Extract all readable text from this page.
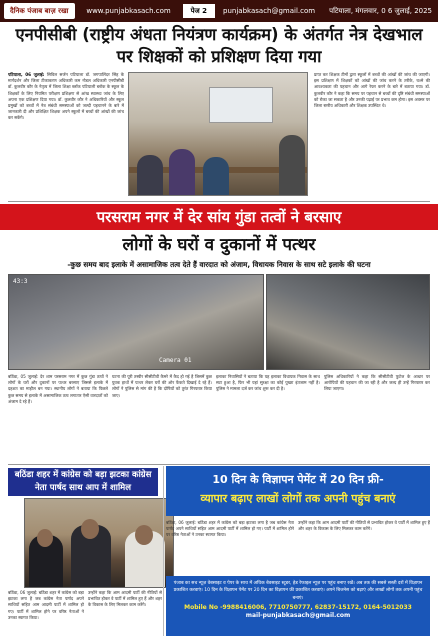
दैनिक पंजाब बाज़ रखा	www.punjabkasach.com	पेज 2	punjabkasach@gmail.com	पटियाला, मंगलवार, 0 6 जुलाई, 2025
एनपीसीबी (राष्ट्रीय अंधता नियंत्रण कार्यक्रम) के अंतर्गत नेत्र देखभाल पर शिक्षकों को प्रशिक्षण दिया गया
पटियाला, 06 जुलाई: सिविल सर्जन पटियाला डॉ. जगपालिंदर सिंह के मार्गदर्शन और जिला टीकाकरण अधिकारी कम नोडल अधिकारी एनपीसीबी डॉ. कुलवीर कौर के नेतृत्व में जिला शिक्षा ब्लॉक पटियाली ब्लॉक के स्कूल के शिक्षकों के लिए नियमित परीक्षण प्रशिक्षण से आंख स्वास्थ्य जांच के लिए अपना एक प्रशिक्षण दिया गया। डॉ. कुलवीर कौर ने अधिकारियों और स्कूल प्रमुखों को बच्चों में नेत्र संबंधी समस्याओं को जल्दी पहचानने के बारे में जानकारी दी और प्रशिक्षित शिक्षक अपने स्कूलों में बच्चों की आंखों की जांच कर सकेंगे।
प्राप्त कर शिक्षक टीमों द्वारा स्कूलों में बच्चों की आंखों की जांच की जाएगी। इस प्रशिक्षण में शिक्षकों को आंखों की जांच करने के तरीके, चश्मे की आवश्यकता की पहचान और आगे रेफर करने के बारे में बताया गया। डॉ. कुलवीर कौर ने कहा कि समय पर पहचान से बच्चों की दृष्टि संबंधी समस्याओं को रोका जा सकता है और उनकी पढ़ाई पर प्रभाव कम होगा। इस अवसर पर जिला स्तरीय अधिकारी और शिक्षक उपस्थित थे।
परसराम नगर में देर सांय गुंडा तत्वों ने बरसाए
लोगों के घरों व दुकानों में पत्थर
-कुछ समय बाद इलाके में असामाजिक तत्व देते हैं वारदात को अंजाम, विधायक निवास के साथ सटे इलाके की घटना
43:3
Camera 01
बठिंडा, 05 जुलाई: देर शाम परसराम नगर में कुछ गुंडा तत्वों ने लोगों के घरों और दुकानों पर पत्थर बरसाए जिससे इलाके में दहशत का माहौल बन गया। स्थानीय लोगों ने बताया कि पिछले कुछ समय से इलाके में असामाजिक तत्व लगातार ऐसी वारदातों को अंजाम दे रहे हैं।
घटना की पूरी तस्वीर सीसीटीवी कैमरे में कैद हो गई है जिसमें कुछ युवक हाथों में पत्थर लेकर घरों की ओर फेंकते दिखाई दे रहे हैं। लोगों ने पुलिस से मांग की है कि दोषियों को तुरंत गिरफ्तार किया जाए।
इलाका निवासियों ने बताया कि यह इलाका विधायक निवास के साथ सटा हुआ है, फिर भी यहां सुरक्षा का कोई पुख्ता इंतजाम नहीं है। पुलिस ने मामला दर्ज कर जांच शुरू कर दी है।
पुलिस अधिकारियों ने कहा कि सीसीटीवी फुटेज के आधार पर आरोपियों की पहचान की जा रही है और जल्द ही उन्हें गिरफ्तार कर लिया जाएगा।
बठिंडा शहर में कांग्रेस को बड़ा झटका कांग्रेस नेता पार्षद साथ आप में शामिल
बठिंडा, 06 जुलाई: बठिंडा शहर में कांग्रेस को बड़ा झटका लगा है जब कांग्रेस नेता पार्षद अपने साथियों सहित आम आदमी पार्टी में शामिल हो गए। पार्टी में शामिल होने पर वरिष्ठ नेताओं ने उनका स्वागत किया।
उन्होंने कहा कि आम आदमी पार्टी की नीतियों से प्रभावित होकर वे पार्टी में शामिल हुए हैं और शहर के विकास के लिए मिलकर काम करेंगे।
10 दिन के विज्ञापन पेमेंट में 20 दिन फ्री-
व्यापार बढ़ाए लाखों लोगों तक अपनी पहुंच बनाएं
बठिंडा, 06 जुलाई: बठिंडा शहर में कांग्रेस को बड़ा झटका लगा है जब कांग्रेस नेता पार्षद अपने साथियों सहित आम आदमी पार्टी में शामिल हो गए। पार्टी में शामिल होने पर वरिष्ठ नेताओं ने उनका स्वागत किया।
उन्होंने कहा कि आम आदमी पार्टी की नीतियों से प्रभावित होकर वे पार्टी में शामिल हुए हैं और शहर के विकास के लिए मिलकर काम करेंगे।
पंजाब का सच न्यूज़ वेबसाइट व पेपर के साथ में अधिक बेवसाइट स्टूडर, हेड रेफाइल न्यूज़ पर पहुंच बनाए रखें। अब तक की सबसे सस्ती दरों में विज्ञापन प्रकाशित करवाएं। 10 दिन के विज्ञापन पेमेंट पर 20 दिन का विज्ञापन फ्री प्रकाशित करवाएं। अपने बिजनेस को बढ़ाएं और लाखों लोगों तक अपनी पहुंच बनाएं।
Mobile No -9988416006, 7710750777, 62837-15172, 0164-5012033
mail-punjabkasach@gmail.com
